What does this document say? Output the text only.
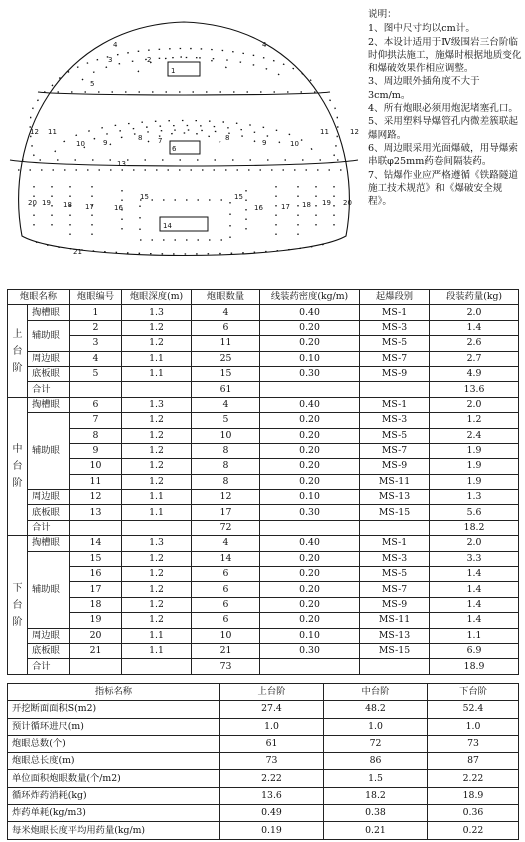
4	4
3	2
1
5
12	12
11	11
10	10
9	9
8	8
7
6
13
20	20
19	19
18	18
17	17
16	16
15	15
14
21
说明：
1、图中尺寸均以cm计。
2、本设计适用于Ⅳ级围岩三台阶临时仰拱法施工，施爆时根据地质变化和爆破效果作相应调整。
3、周边眼外插角度不大于3cm/m。
4、所有炮眼必须用炮泥堵塞孔口。
5、采用塑料导爆管孔内微差簇联起爆网路。
6、周边眼采用光面爆破，用导爆索串联φ25mm药卷间隔装药。
7、钻爆作业应严格遵循《铁路隧道施工技术规范》和《爆破安全规程》。
炮眼名称		炮眼编号	炮眼深度(m)	炮眼数量	线装药密度(kg/m)	起爆段别	段装药量(kg)
上台阶	掏槽眼	1	1.3	4	0.40	MS-1	2.0
	辅助眼	2	1.2	6	0.20	MS-3	1.4
		3	1.2	11	0.20	MS-5	2.6
	周边眼	4	1.1	25	0.10	MS-7	2.7
	底板眼	5	1.1	15	0.30	MS-9	4.9
	合计			61			13.6
中台阶	掏槽眼	6	1.3	4	0.40	MS-1	2.0
	辅助眼	7	1.2	5	0.20	MS-3	1.2
		8	1.2	10	0.20	MS-5	2.4
		9	1.2	8	0.20	MS-7	1.9
		10	1.2	8	0.20	MS-9	1.9
		11	1.2	8	0.20	MS-11	1.9
	周边眼	12	1.1	12	0.10	MS-13	1.3
	底板眼	13	1.1	17	0.30	MS-15	5.6
	合计			72			18.2
下台阶	掏槽眼	14	1.3	4	0.40	MS-1	2.0
	辅助眼	15	1.2	14	0.20	MS-3	3.3
		16	1.2	6	0.20	MS-5	1.4
		17	1.2	6	0.20	MS-7	1.4
		18	1.2	6	0.20	MS-9	1.4
		19	1.2	6	0.20	MS-11	1.4
	周边眼	20	1.1	10	0.10	MS-13	1.1
	底板眼	21	1.1	21	0.30	MS-15	6.9
	合计			73			18.9
指标名称	上台阶	中台阶	下台阶
开挖断面面积S(m2)	27.4	48.2	52.4
预计循环进尺(m)	1.0	1.0	1.0
炮眼总数(个)	61	72	73
炮眼总长度(m)	73	86	87
单位面积炮眼数量(个/m2)	2.22	1.5	2.22
循环炸药消耗(kg)	13.6	18.2	18.9
炸药单耗(kg/m3)	0.49	0.38	0.36
每米炮眼长度平均用药量(kg/m)	0.19	0.21	0.22
